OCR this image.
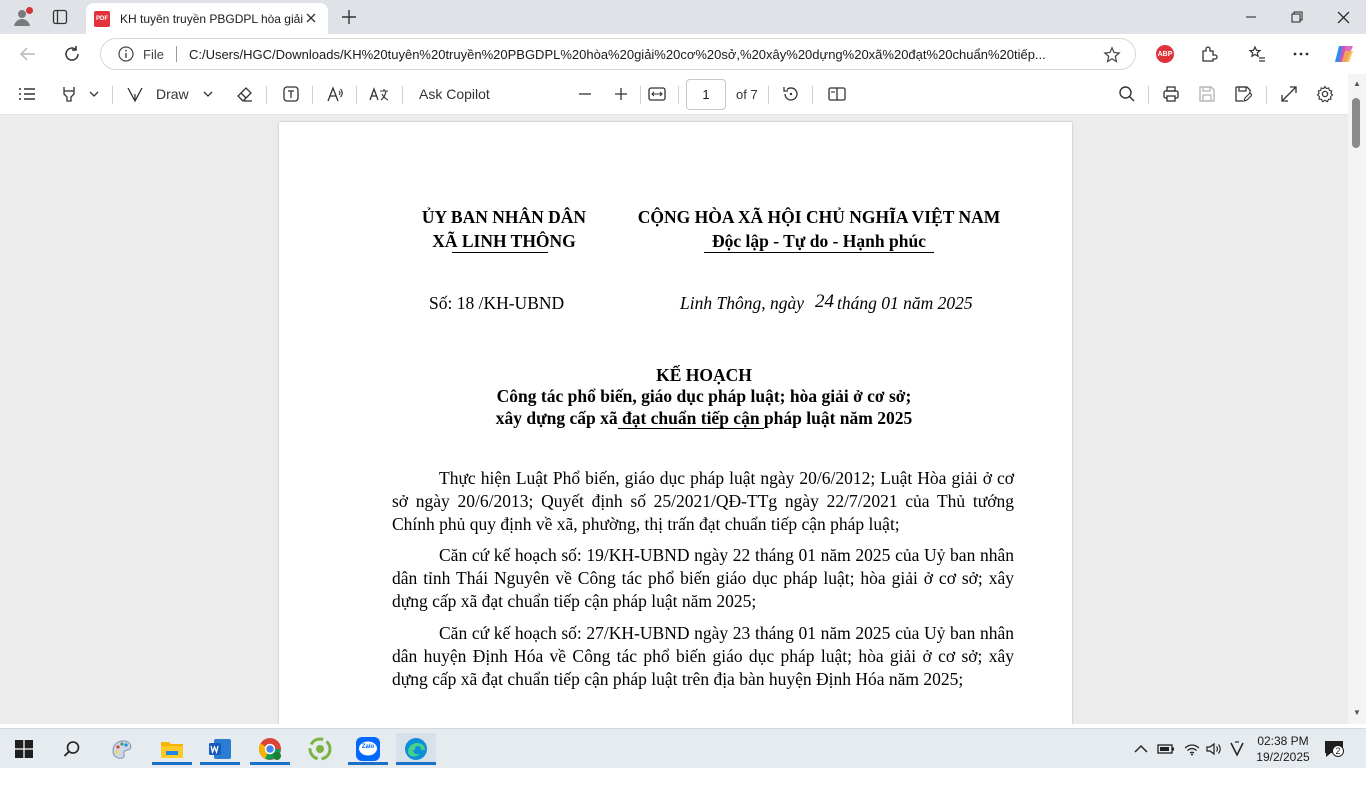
PDF KH tuyên truyền PBGDPL hòa giải
File C:/Users/HGC/Downloads/KH%20tuyên%20truyền%20PBGDPL%20hòa%20giải%20cơ%20sở,%20xây%20dựng%20xã%20đạt%20chuẩn%20tiếp...	ABP
Draw	Ask Copilot	1	of 7
ỦY BAN NHÂN DÂN
XÃ LINH THÔNG
CỘNG HÒA XÃ HỘI CHỦ NGHĨA VIỆT NAM
Độc lập - Tự do - Hạnh phúc
Số: 18 /KH-UBND	Linh Thông, ngày 24 tháng 01 năm 2025
KẾ HOẠCH
Công tác phổ biến, giáo dục pháp luật; hòa giải ở cơ sở;
xây dựng cấp xã đạt chuẩn tiếp cận pháp luật năm 2025

Thực hiện Luật Phổ biến, giáo dục pháp luật ngày 20/6/2012; Luật Hòa giải ở cơ sở ngày 20/6/2013; Quyết định số 25/2021/QĐ-TTg ngày 22/7/2021 của Thủ tướng Chính phủ quy định về xã, phường, thị trấn đạt chuẩn tiếp cận pháp luật;

Căn cứ kế hoạch số: 19/KH-UBND ngày 22 tháng 01 năm 2025 của Uỷ ban nhân dân tỉnh Thái Nguyên về Công tác phổ biến giáo dục pháp luật; hòa giải ở cơ sở; xây dựng cấp xã đạt chuẩn tiếp cận pháp luật năm 2025;

Căn cứ kế hoạch số: 27/KH-UBND ngày 23 tháng 01 năm 2025 của Uỷ ban nhân dân huyện Định Hóa về Công tác phổ biến giáo dục pháp luật; hòa giải ở cơ sở; xây dựng cấp xã đạt chuẩn tiếp cận pháp luật trên địa bàn huyện Định Hóa năm 2025;

▲
▼
Zalo	02:38 PM
19/2/2025	2
